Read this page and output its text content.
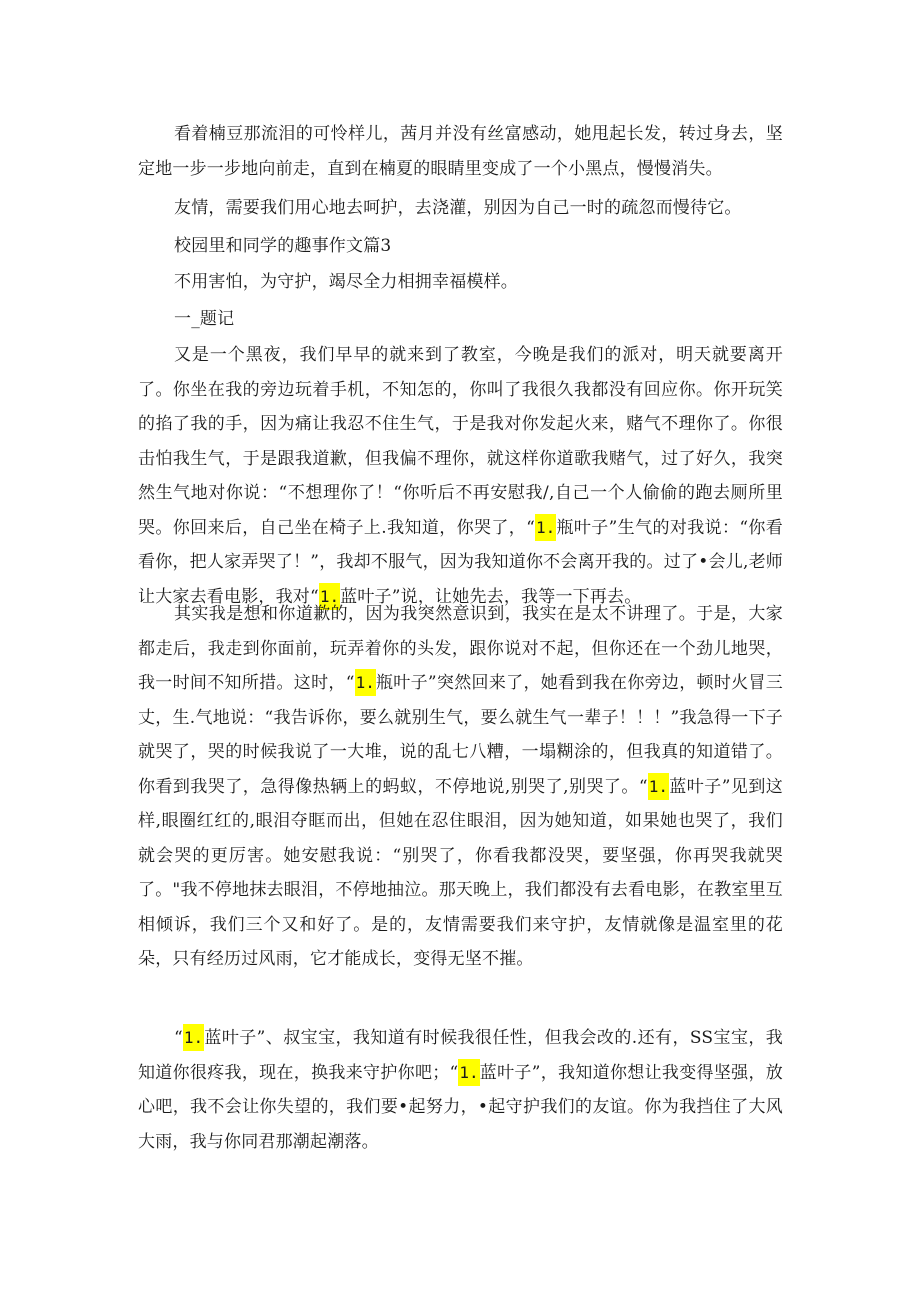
看着楠豆那流泪的可怜样儿，茜月并没有丝富感动，她甩起长发，转过身去，坚定地一步一步地向前走，直到在楠夏的眼睛里变成了一个小黑点，慢慢消失。

友情，需要我们用心地去呵护，去浇灌，别因为自己一时的疏忽而慢待它。

校园里和同学的趣事作文篇3

不用害怕，为守护，竭尽全力相拥幸福模样。

一_题记

又是一个黑夜，我们早早的就来到了教室，今晚是我们的派对，明天就要离开了。你坐在我的旁边玩着手机，不知怎的，你叫了我很久我都没有回应你。你开玩笑的掐了我的手，因为痛让我忍不住生气，于是我对你发起火来，赌气不理你了。你很击怕我生气，于是跟我道歉，但我偏不理你，就这样你道歌我赌气，过了好久，我突然生气地对你说：“不想理你了！“你听后不再安慰我/,自己一个人偷偷的跑去厕所里哭。你回来后，自己坐在椅子上.我知道，你哭了，“1.瓶叶子”生气的对我说：“你看看你，把人家弄哭了！”，我却不服气，因为我知道你不会离开我的。过了•会儿,老师让大家去看电影，我对“1.蓝叶子”说，让她先去，我等一下再去。

其实我是想和你道歉的，因为我突然意识到，我实在是太不讲理了。于是，大家都走后，我走到你面前，玩弄着你的头发，跟你说对不起，但你还在一个劲儿地哭，我一时间不知所措。这时，“1.瓶叶子”突然回来了，她看到我在你旁边，顿时火冒三丈，生.气地说：“我告诉你，要么就别生气，要么就生气一辈子！！！”我急得一下子就哭了，哭的时候我说了一大堆，说的乱七八糟，一塌糊涂的，但我真的知道错了。你看到我哭了，急得像热辆上的蚂蚁，不停地说,别哭了,别哭了。“1.蓝叶子”见到这样,眼圈红红的,眼泪夺眶而出，但她在忍住眼泪，因为她知道，如果她也哭了，我们就会哭的更厉害。她安慰我说：“别哭了，你看我都没哭，要坚强，你再哭我就哭了。"我不停地抹去眼泪，不停地抽泣。那天晚上，我们都没有去看电影，在教室里互相倾诉，我们三个又和好了。是的，友情需要我们来守护，友情就像是温室里的花朵，只有经历过风雨，它才能成长，变得无坚不摧。

“1.蓝叶子”、叔宝宝，我知道有时候我很任性，但我会改的.还有，SS宝宝，我知道你很疼我，现在，换我来守护你吧；“1.蓝叶子”，我知道你想让我变得坚强，放心吧，我不会让你失望的，我们要•起努力，•起守护我们的友谊。你为我挡住了大风大雨，我与你同君那潮起潮落。
